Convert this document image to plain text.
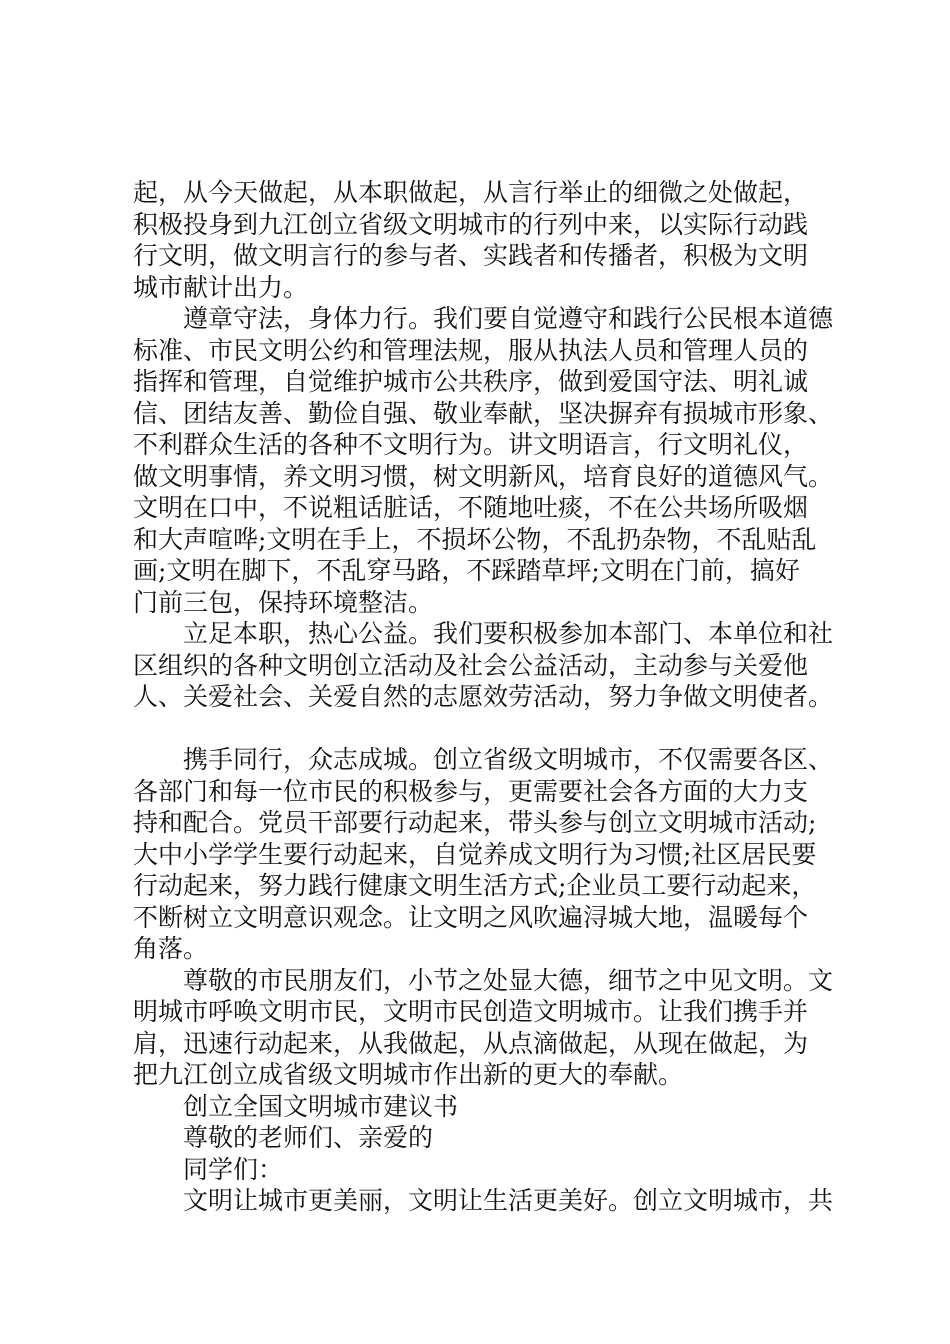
起，从今天做起，从本职做起，从言行举止的细微之处做起，
积极投身到九江创立省级文明城市的行列中来，以实际行动践
行文明，做文明言行的参与者、实践者和传播者，积极为文明
城市献计出力。
遵章守法，身体力行。我们要自觉遵守和践行公民根本道德
标准、市民文明公约和管理法规，服从执法人员和管理人员的
指挥和管理，自觉维护城市公共秩序，做到爱国守法、明礼诚
信、团结友善、勤俭自强、敬业奉献，坚决摒弃有损城市形象、
不利群众生活的各种不文明行为。讲文明语言，行文明礼仪，
做文明事情，养文明习惯，树文明新风，培育良好的道德风气。
文明在口中，不说粗话脏话，不随地吐痰，不在公共场所吸烟
和大声喧哗;文明在手上，不损坏公物，不乱扔杂物，不乱贴乱
画;文明在脚下，不乱穿马路，不踩踏草坪;文明在门前，搞好
门前三包，保持环境整洁。
立足本职，热心公益。我们要积极参加本部门、本单位和社
区组织的各种文明创立活动及社会公益活动，主动参与关爱他
人、关爱社会、关爱自然的志愿效劳活动，努力争做文明使者。
携手同行，众志成城。创立省级文明城市，不仅需要各区、
各部门和每一位市民的积极参与，更需要社会各方面的大力支
持和配合。党员干部要行动起来，带头参与创立文明城市活动;
大中小学学生要行动起来，自觉养成文明行为习惯;社区居民要
行动起来，努力践行健康文明生活方式;企业员工要行动起来，
不断树立文明意识观念。让文明之风吹遍浔城大地，温暖每个
角落。
尊敬的市民朋友们，小节之处显大德，细节之中见文明。文
明城市呼唤文明市民，文明市民创造文明城市。让我们携手并
肩，迅速行动起来，从我做起，从点滴做起，从现在做起，为
把九江创立成省级文明城市作出新的更大的奉献。
创立全国文明城市建议书
尊敬的老师们、亲爱的
同学们：
文明让城市更美丽，文明让生活更美好。创立文明城市，共
